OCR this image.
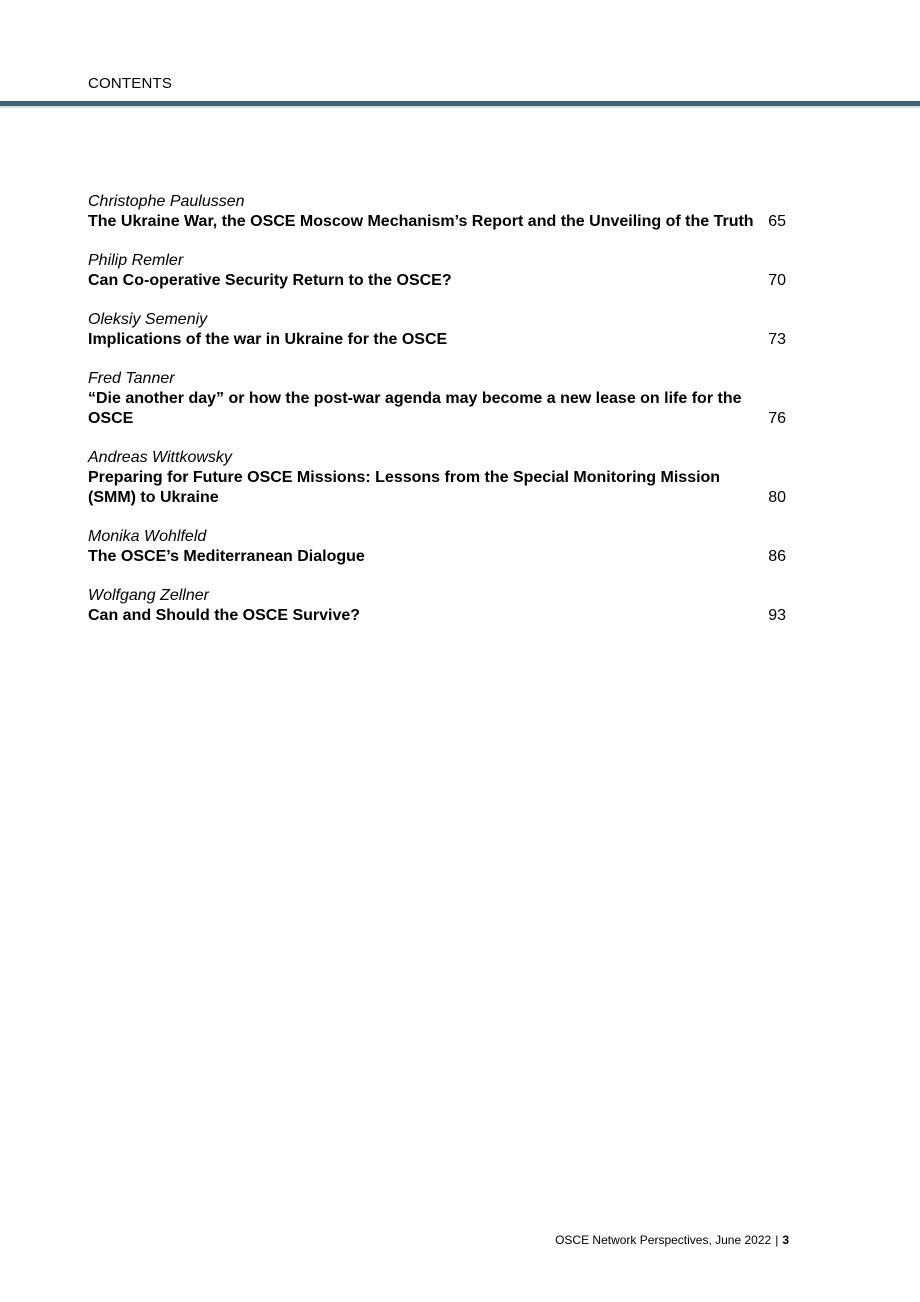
CONTENTS
Christophe Paulussen
The Ukraine War, the OSCE Moscow Mechanism’s Report and the Unveiling of the Truth 65
Philip Remler
Can Co-operative Security Return to the OSCE?	70
Oleksiy Semeniy
Implications of the war in Ukraine for the OSCE	73
Fred Tanner
“Die another day” or how the post-war agenda may become a new lease on life for the OSCE	76
Andreas Wittkowsky
Preparing for Future OSCE Missions: Lessons from the Special Monitoring Mission (SMM) to Ukraine	80
Monika Wohlfeld
The OSCE’s Mediterranean Dialogue	86
Wolfgang Zellner
Can and Should the OSCE Survive?	93
OSCE Network Perspectives, June 2022 | 3
